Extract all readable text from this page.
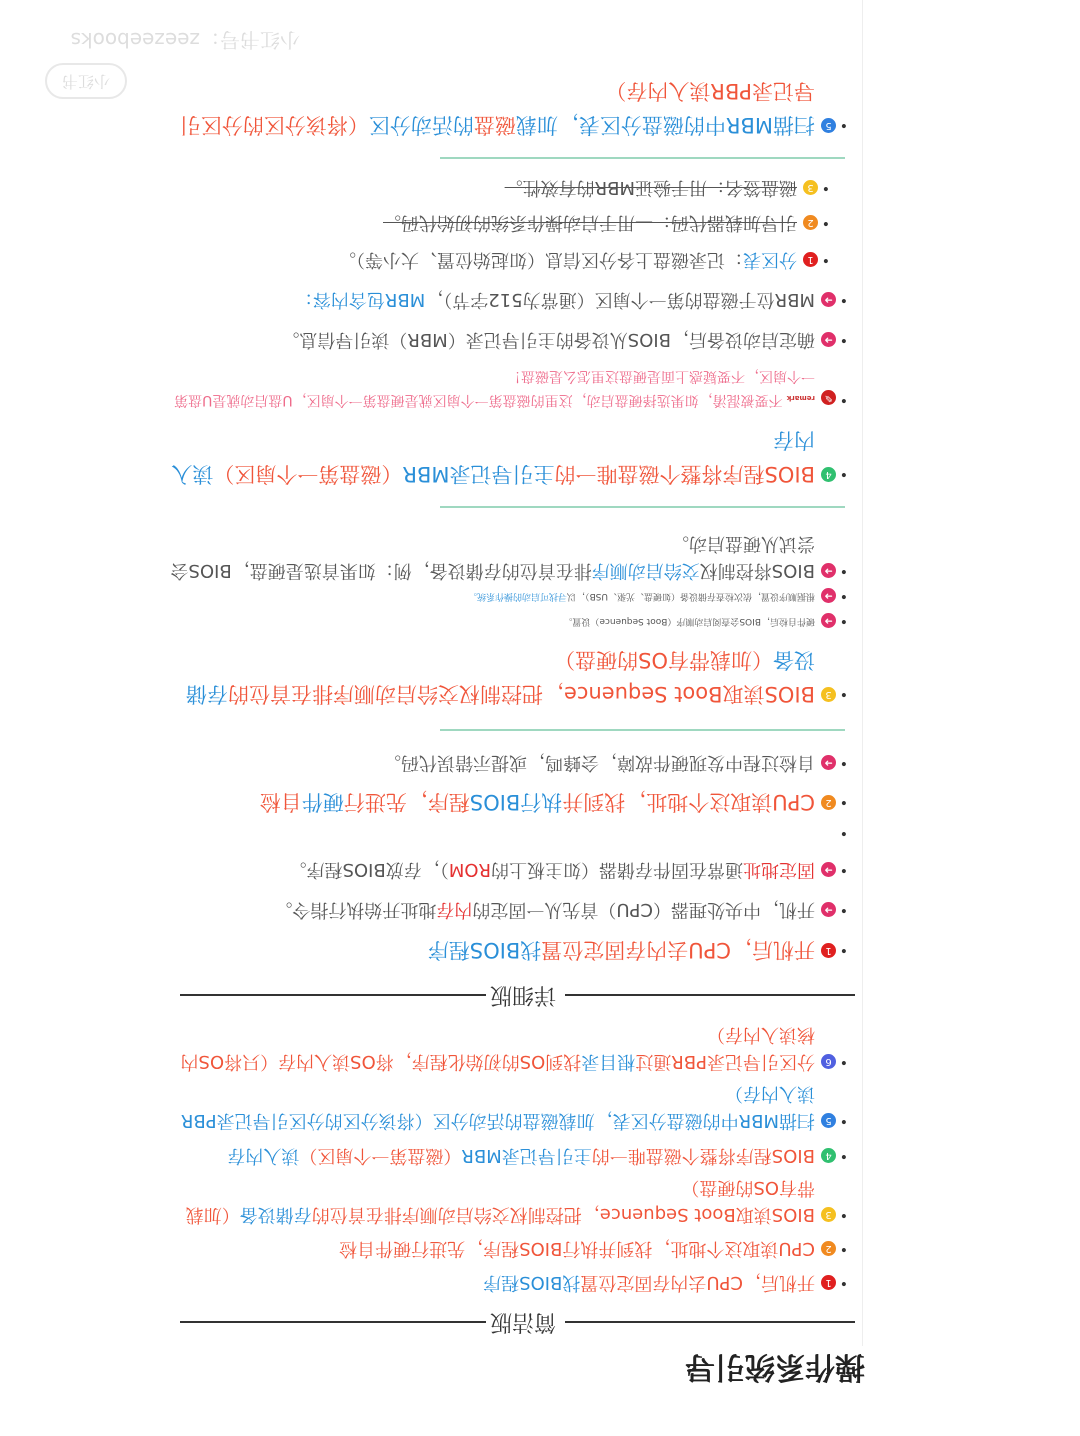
小红书号：zeezeebooks
小红书
操作系统引导
简洁版
•
1
开机后，CPU去内存固定位置找BIOS程序
•
2
CPU读取这个地址，找到并执行BIOS程序，先进行硬件自检
•
3
BIOS读取Boot Sequence，把控制权交给启动顺序排在首位的存储设备（加载带有OS的硬盘）
•
4
BIOS程序将整个磁盘唯一的主引导记录MBR（磁盘第一个扇区）读入内存
•
5
扫描MBR中的磁盘分区表，加载磁盘的活动分区（将该分区的分区引导记录PBR读入内存）
•
6
分区引导记录PBR通过根目录找到OS的初始化程序，将OS读入内存（只将OS内核读入内存）
详细版
•
1
开机后，CPU去内存固定位置找BIOS程序
•
➜
开机，中央处理器（CPU）首先从一固定的内存地址开始执行指令。
•
➜
固定地址通常在固件存储器（如主板上的ROM），存放BIOS程序。
•
•
2
CPU读取这个地址，找到并执行BIOS程序，先进行硬件自检
•
➜
自检过程中发现硬件故障，会蜂鸣，或提示错误代码。
•
3
BIOS读取Boot Sequence，把控制权交给启动顺序排在首位的存储设备（加载带有OS的硬盘）
•
➜
硬件自检后，BIOS会查阅启动顺序（Boot Sequence）设置。
•
➜
根据顺序设置，依次检查存储设备（如硬盘、光驱、USB），以寻找可启动的操作系统。
•
➜
BIOS将控制权交给启动顺序排在首位的存储设备，例：如果首选是硬盘，BIOS会尝试从硬盘启动。
•
4
BIOS程序将整个磁盘唯一的主引导记录MBR（磁盘第一个扇区）读入内存
•
✎
remark不要被混淆，如果选择硬盘启动，这里的磁盘第一个扇区就是硬盘第一个扇区，U盘启动就是U盘第一个扇区，不要疑惑上面是硬盘这里怎么是磁盘！
•
➜
确定启动设备后，BIOS从设备的主引导记录（MBR）读引导信息。
•
➜
MBR位于磁盘的第一个扇区（通常为512字节），MBR包含内容：
•
1
分区表：记录磁盘上各分区信息（如起始位置、大小等）。
•
2
引导加载器代码：—用于启动操作系统的初始代码。
•
3
磁盘签名：用于验证MBR的有效性。
•
5
扫描MBR中的磁盘分区表，加载磁盘的活动分区（将该分区的分区引导记录PBR读入内存）
